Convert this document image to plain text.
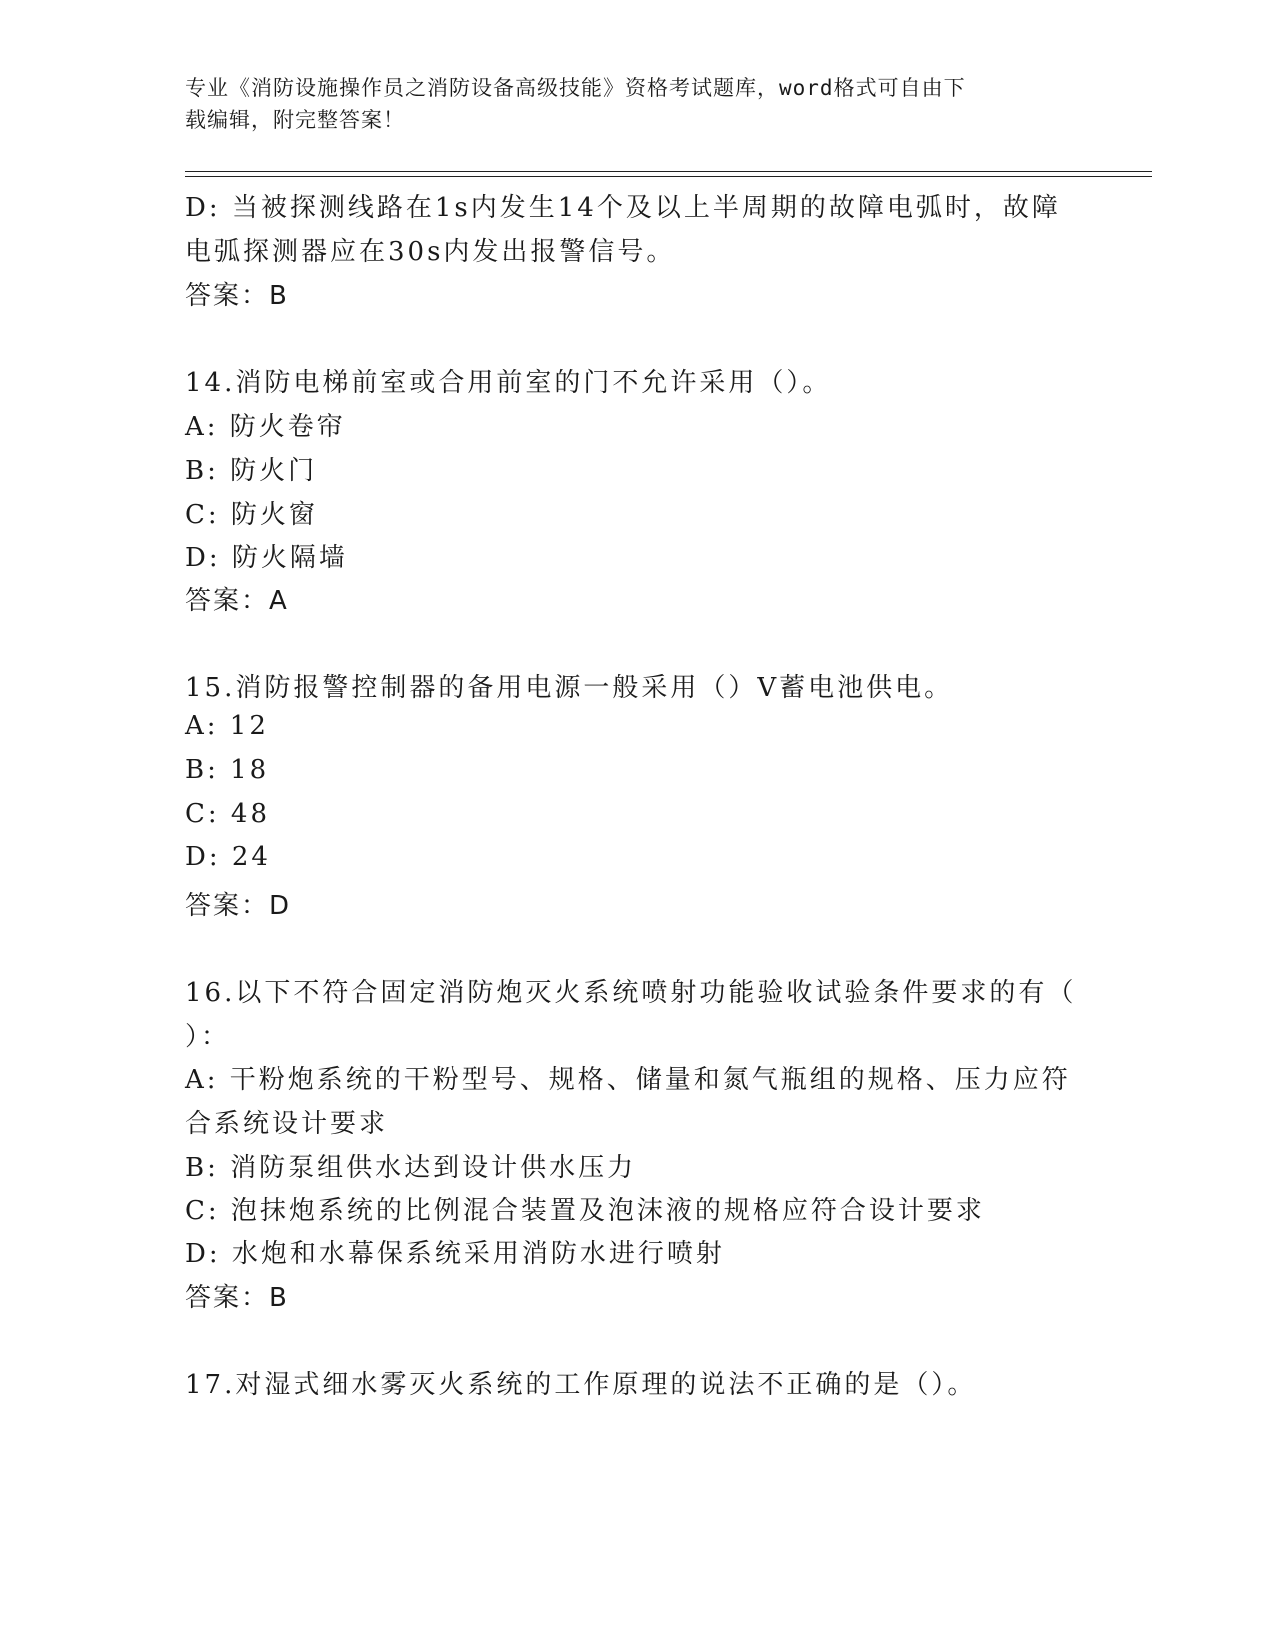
专业《消防设施操作员之消防设备高级技能》资格考试题库，word格式可自由下
载编辑，附完整答案！
D: 当被探测线路在1s内发生14个及以上半周期的故障电弧时，故障
电弧探测器应在30s内发出报警信号。
答案：B
14.消防电梯前室或合用前室的门不允许采用（）。
A: 防火卷帘
B: 防火门
C: 防火窗
D: 防火隔墙
答案：A
15.消防报警控制器的备用电源一般采用（）V蓄电池供电。
A: 12
B: 18
C: 48
D: 24
答案：D
16.以下不符合固定消防炮灭火系统喷射功能验收试验条件要求的有（
）：
A: 干粉炮系统的干粉型号、规格、储量和氮气瓶组的规格、压力应符
合系统设计要求
B: 消防泵组供水达到设计供水压力
C: 泡抹炮系统的比例混合装置及泡沫液的规格应符合设计要求
D: 水炮和水幕保系统采用消防水进行喷射
答案：B
17.对湿式细水雾灭火系统的工作原理的说法不正确的是（）。
